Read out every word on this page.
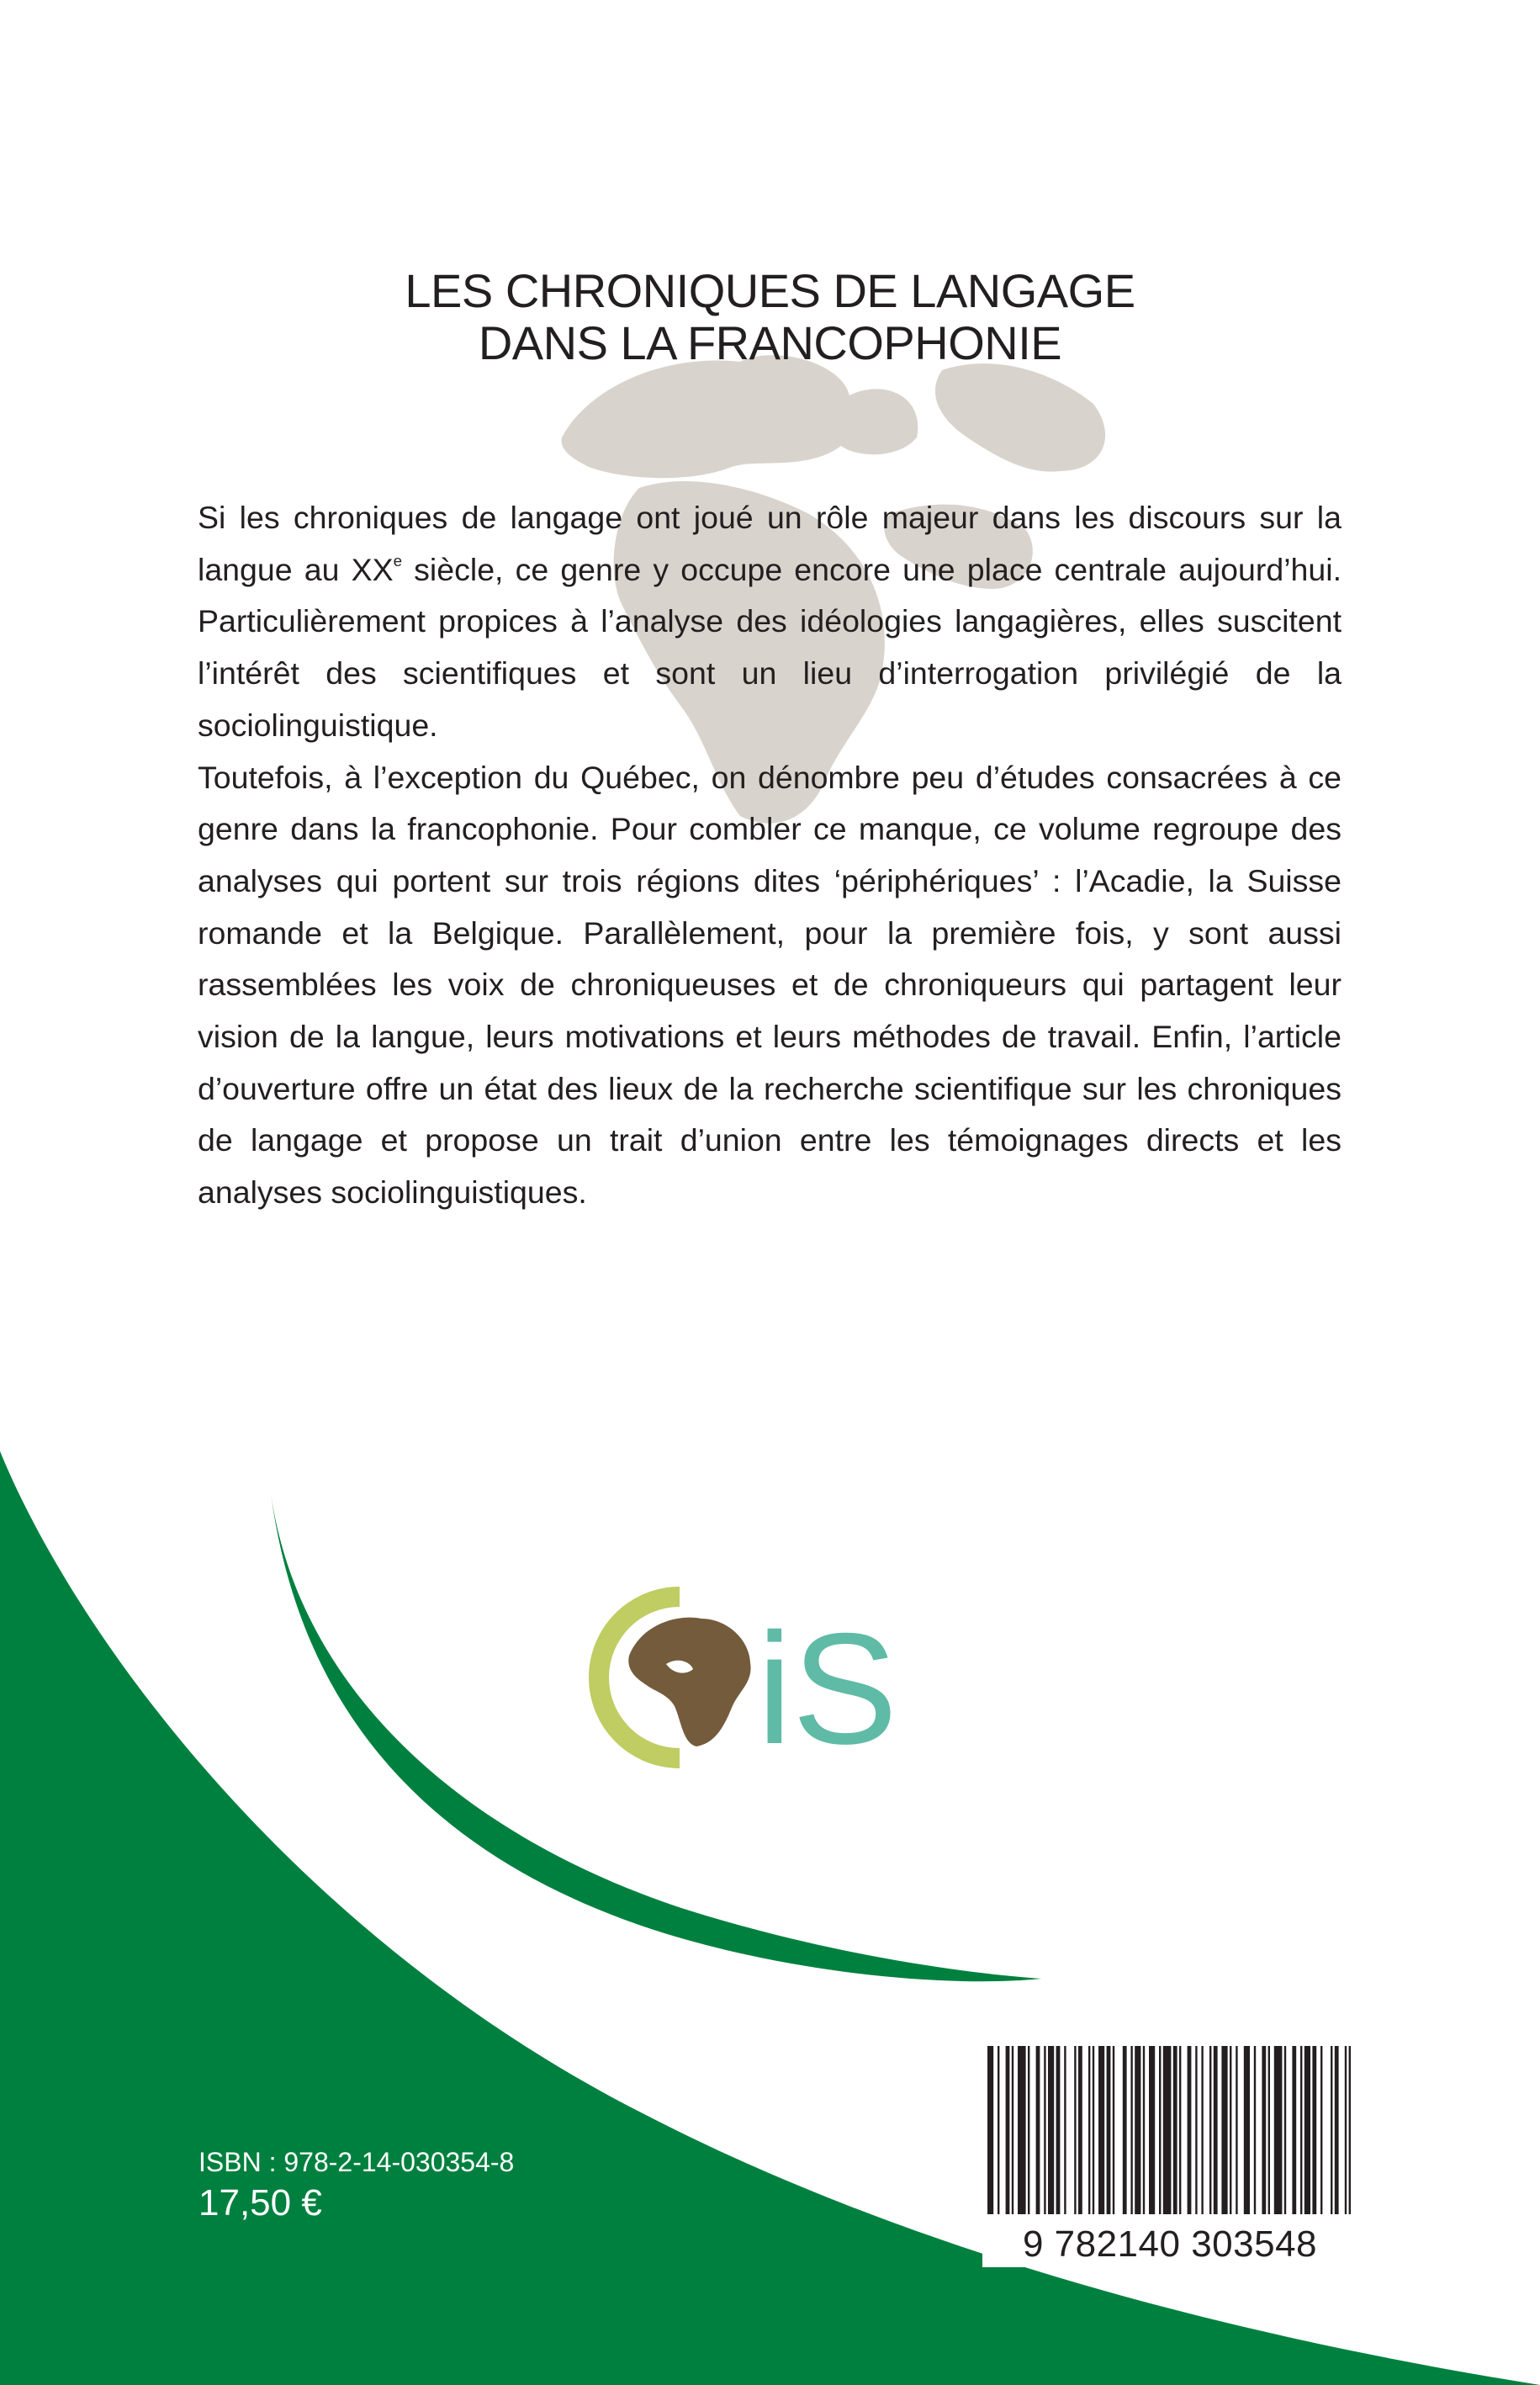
LES CHRONIQUES DE LANGAGE
DANS LA FRANCOPHONIE

Si les chroniques de langage ont joué un rôle majeur dans les discours sur la langue au XXe siècle, ce genre y occupe encore une place centrale aujourd’hui. Particulièrement propices à l’analyse des idéologies langagières, elles suscitent l’intérêt des scientifiques et sont un lieu d’interrogation privilégié de la sociolinguistique.

Toutefois, à l’exception du Québec, on dénombre peu d’études consacrées à ce genre dans la francophonie. Pour combler ce manque, ce volume regroupe des analyses qui portent sur trois régions dites ‘périphériques’ : l’Acadie, la Suisse romande et la Belgique. Parallèlement, pour la première fois, y sont aussi rassemblées les voix de chroniqueuses et de chroniqueurs qui partagent leur vision de la langue, leurs motivations et leurs méthodes de travail. Enfin, l’article d’ouverture offre un état des lieux de la recherche scientifique sur les chroniques de langage et propose un trait d’union entre les témoignages directs et les analyses sociolinguistiques.

iS
ISBN : 978-2-14-030354-8
17,50 €
9 782140 303548
